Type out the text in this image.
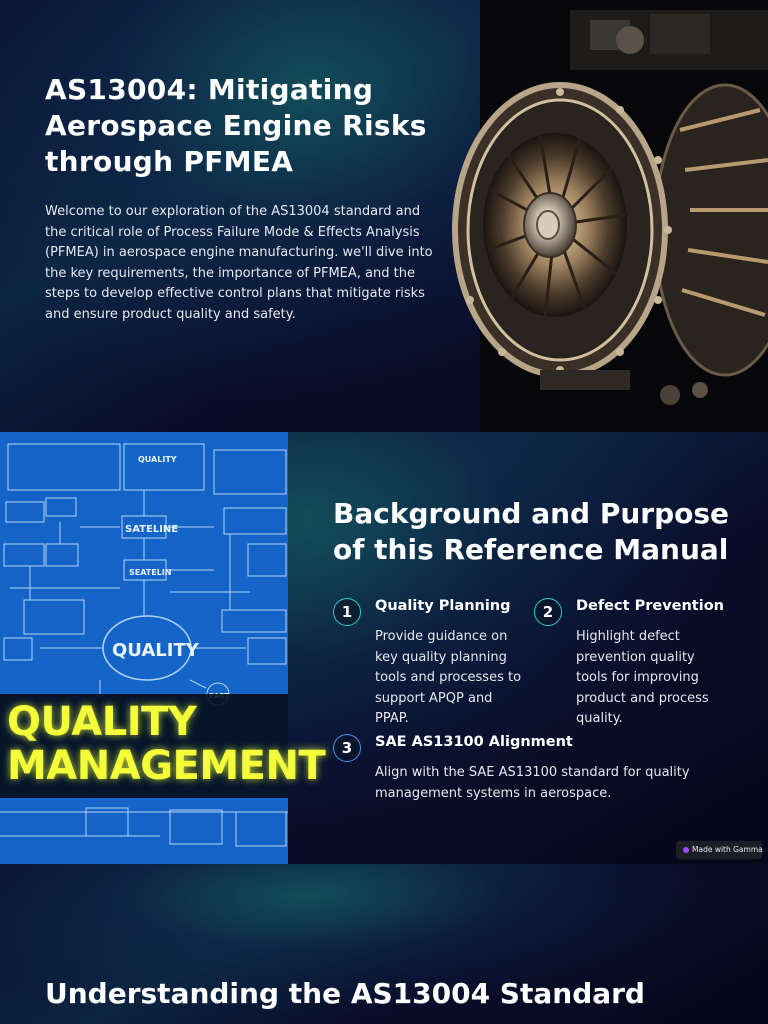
AS13004: Mitigating Aerospace Engine Risks through PFMEA

Welcome to our exploration of the AS13004 standard and the critical role of Process Failure Mode & Effects Analysis (PFMEA) in aerospace engine manufacturing. we'll dive into the key requirements, the importance of PFMEA, and the steps to develop effective control plans that mitigate risks and ensure product quality and safety.

QUALITY
SATELINE
SEATELIN
QUALITY
QUALITY MANAGEMENT
Background and Purpose of this Reference Manual
1	Quality Planning
Provide guidance on key quality planning tools and processes to support APQP and PPAP.
2	Defect Prevention
Highlight defect prevention quality tools for improving product and process quality.
3	SAE AS13100 Alignment
Align with the SAE AS13100 standard for quality management systems in aerospace.
Made with Gamma
Understanding the AS13004 Standard
